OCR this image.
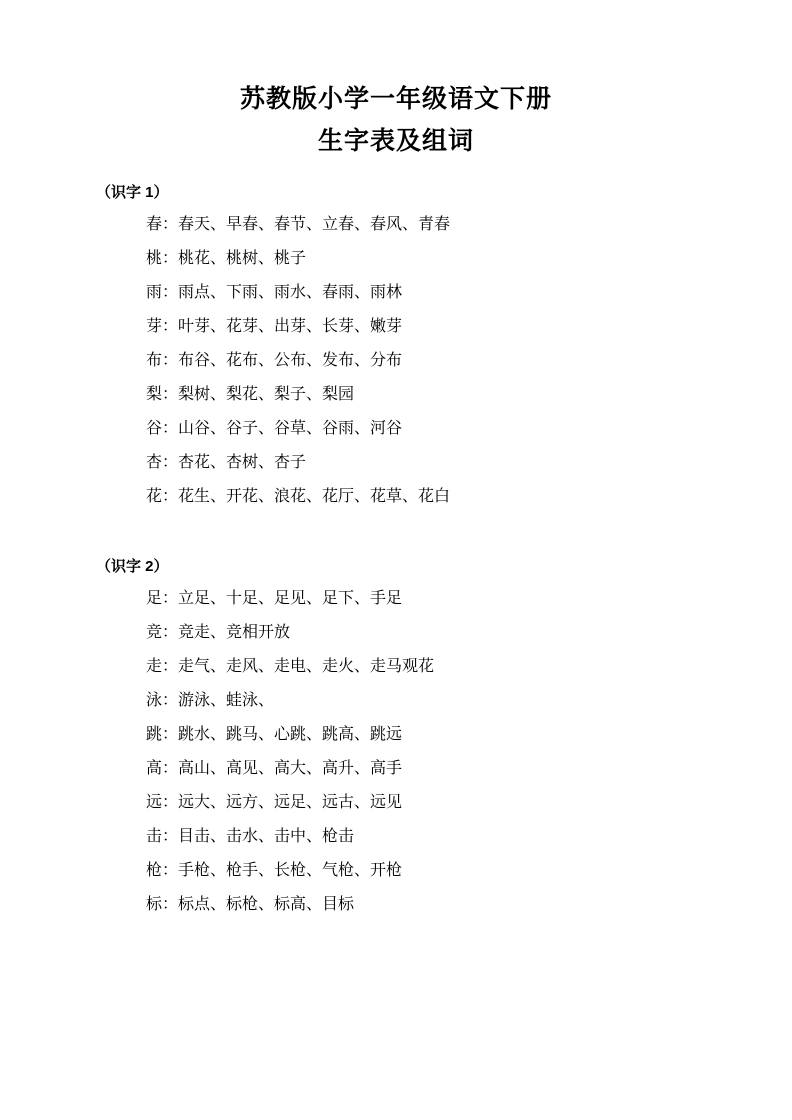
苏教版小学一年级语文下册
生字表及组词
（识字 1）
春：春天、早春、春节、立春、春风、青春
桃：桃花、桃树、桃子
雨：雨点、下雨、雨水、春雨、雨林
芽：叶芽、花芽、出芽、长芽、嫩芽
布：布谷、花布、公布、发布、分布
梨：梨树、梨花、梨子、梨园
谷：山谷、谷子、谷草、谷雨、河谷
杏：杏花、杏树、杏子
花：花生、开花、浪花、花厅、花草、花白
（识字 2）
足：立足、十足、足见、足下、手足
竞：竞走、竞相开放
走：走气、走风、走电、走火、走马观花
泳：游泳、蛙泳、
跳：跳水、跳马、心跳、跳高、跳远
高：高山、高见、高大、高升、高手
远：远大、远方、远足、远古、远见
击：目击、击水、击中、枪击
枪：手枪、枪手、长枪、气枪、开枪
标：标点、标枪、标高、目标
